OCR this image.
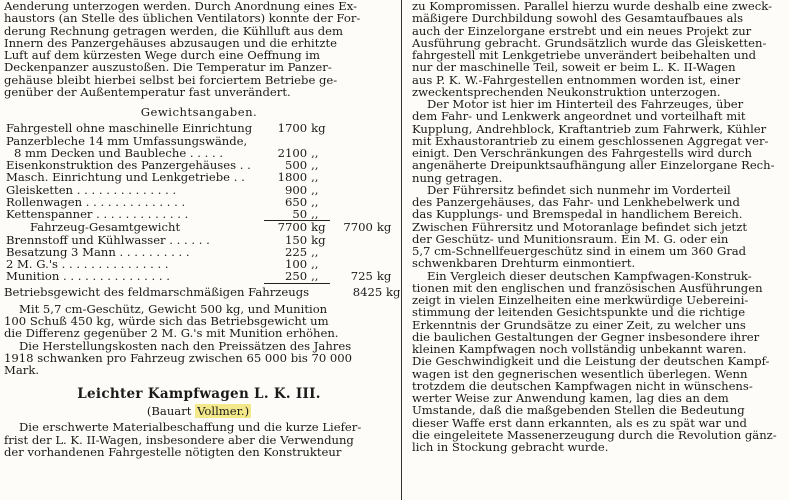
Aenderung unterzogen werden. Durch Anordnung eines Ex-
haustors (an Stelle des üblichen Ventilators) konnte der For-
derung Rechnung getragen werden, die Kühlluft aus dem
Innern des Panzergehäuses abzusaugen und die erhitzte
Luft auf dem kürzesten Wege durch eine Oeffnung im
Deckenpanzer auszustoßen. Die Temperatur im Panzer-
gehäuse bleibt hierbei selbst bei forciertem Betriebe ge-
genüber der Außentemperatur fast unverändert.
Gewichtsangaben.
Fahrgestell ohne maschinelle Einrichtung	1700	kg		
Panzerbleche 14 mm Umfassungswände,				
8 mm Decken und Baubleche . . . . .	2100	,,		
Eisenkonstruktion des Panzergehäuses . .	500	,,		
Masch. Einrichtung und Lenkgetriebe . .	1800	,,		
Gleisketten . . . . . . . . . . . . . .	900	,,		
Rollenwagen . . . . . . . . . . . . . .	650	,,		
Kettenspanner . . . . . . . . . . . . .	50	,,		
Fahrzeug-Gesamtgewicht	7700	kg	7700	kg
Brennstoff und Kühlwasser . . . . . .	150	kg		
Besatzung 3 Mann . . . . . . . . . .	225	,,		
2 M. G.'s . . . . . . . . . . . . . . .	100	,,		
Munition . . . . . . . . . . . . . . .	250	,,	725	kg
Betriebsgewicht des feldmarschmäßigen Fahrzeugs	8425 kg
Mit 5,7 cm-Geschütz, Gewicht 500 kg, und Munition
100 Schuß 450 kg, würde sich das Betriebsgewicht um
die Differenz gegenüber 2 M. G.'s mit Munition erhöhen.
Die Herstellungskosten nach den Preissätzen des Jahres
1918 schwanken pro Fahrzeug zwischen 65 000 bis 70 000
Mark.
Leichter Kampfwagen L. K. III.
(Bauart Vollmer.)
Die erschwerte Materialbeschaffung und die kurze Liefer-
frist der L. K. II-Wagen, insbesondere aber die Verwendung
der vorhandenen Fahrgestelle nötigten den Konstrukteur
zu Kompromissen. Parallel hierzu wurde deshalb eine zweck-
mäßigere Durchbildung sowohl des Gesamtaufbaues als
auch der Einzelorgane erstrebt und ein neues Projekt zur
Ausführung gebracht. Grundsätzlich wurde das Gleisketten-
fahrgestell mit Lenkgetriebe unverändert beibehalten und
nur der maschinelle Teil, soweit er beim L. K. II-Wagen
aus P. K. W.-Fahrgestellen entnommen worden ist, einer
zweckentsprechenden Neukonstruktion unterzogen.
Der Motor ist hier im Hinterteil des Fahrzeuges, über
dem Fahr- und Lenkwerk angeordnet und vorteilhaft mit
Kupplung, Andrehblock, Kraftantrieb zum Fahrwerk, Kühler
mit Exhaustorantrieb zu einem geschlossenen Aggregat ver-
einigt. Den Verschränkungen des Fahrgestells wird durch
angenäherte Dreipunktsaufhängung aller Einzelorgane Rech-
nung getragen.
Der Führersitz befindet sich nunmehr im Vorderteil
des Panzergehäuses, das Fahr- und Lenkhebelwerk und
das Kupplungs- und Bremspedal in handlichem Bereich.
Zwischen Führersitz und Motoranlage befindet sich jetzt
der Geschütz- und Munitionsraum. Ein M. G. oder ein
5,7 cm-Schnellfeuergeschütz sind in einem um 360 Grad
schwenkbaren Drehturm einmontiert.
Ein Vergleich dieser deutschen Kampfwagen-Konstruk-
tionen mit den englischen und französischen Ausführungen
zeigt in vielen Einzelheiten eine merkwürdige Uebereini-
stimmung der leitenden Gesichtspunkte und die richtige
Erkenntnis der Grundsätze zu einer Zeit, zu welcher uns
die baulichen Gestaltungen der Gegner insbesondere ihrer
kleinen Kampfwagen noch vollständig unbekannt waren.
Die Geschwindigkeit und die Leistung der deutschen Kampf-
wagen ist den gegnerischen wesentlich überlegen. Wenn
trotzdem die deutschen Kampfwagen nicht in wünschens-
werter Weise zur Anwendung kamen, lag dies an dem
Umstande, daß die maßgebenden Stellen die Bedeutung
dieser Waffe erst dann erkannten, als es zu spät war und
die eingeleitete Massenerzeugung durch die Revolution gänz-
lich in Stockung gebracht wurde.
